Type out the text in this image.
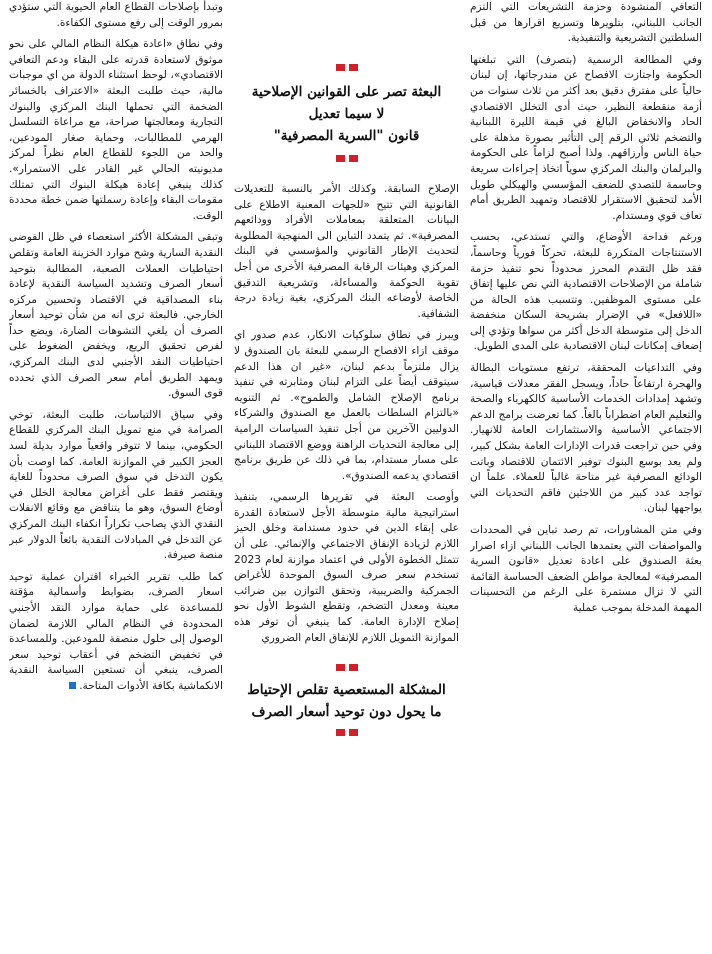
التعافي المنشودة وحزمة التشريعات التي التزم الجانب اللبناني، بتلويرها وتسريع اقرارها من قبل السلطتين التشريعية والتنفيذية.

وفي المطالعة الرسمية (بتصرف) التي تبلغتها الحكومة واجتازت الافصاح عن مندرجاتها، إن لبنان حالياً على مفترق دقيق بعد أكثر من ثلاث سنوات من أزمة منقطعة النظير، حيث أدى التخلل الاقتصادي الحاد والانخفاض البالغ في قيمة الليرة اللبنانية والتضخم ثلاثي الرقم إلى التأثير بصورة مذهلة على حياة الناس وأرزاقهم. ولذا أصبح لزاماً على الحكومة والبرلمان والبنك المركزي سوياً اتخاذ إجراءات سريعة وحاسمة للتصدي للضعف المؤسسي والهيكلي طويل الأمد لتحقيق الاستقرار للاقتصاد وتمهيد الطريق أمام تعاف قوي ومستدام.

ورغم فداحة الأوضاع، والتي تستدعي، بحسب الاستنتاجات المتكررة للبعثة، تحركاً فورياً وحاسماً، فقد ظل التقدم المحرز محدوداً نحو تنفيذ حزمة شاملة من الإصلاحات الاقتصادية التي نص عليها إتفاق على مستوى الموظفين. وتتسبب هذه الحالة من «اللافعل» في الإضرار بشريحة السكان منخفضة الدخل إلى متوسطة الدخل أكثر من سواها وتؤدي إلى إضعاف إمكانات لبنان الاقتصادية على المدى الطويل.

وفي التداعيات المحققة، ترتفع مستويات البطالة والهجرة ارتفاعاً حاداً، ويسجل الفقر معدلات قياسية، وتشهد إمدادات الخدمات الأساسية كالكهرباء والصحة والتعليم العام اضطراباً بالغاً. كما تعرضت برامج الدعم الاجتماعي الأساسية والاستثمارات العامة للانهيار. وفي حين تراجعت قدرات الإدارات العامة بشكل كبير، ولم يعد بوسع البنوك توفير الائتمان للاقتصاد وباتت الودائع المصرفية غير متاحة غالباً للعملاء. علماً ان تواجد عدد كبير من اللاجئين فاقم التحديات التي يواجهها لبنان.

وفي متن المشاورات، تم رصد تباين في المحددات والمواصفات التي يعتمدها الجانب اللبناني ازاء اصرار بعثة الصندوق على اعادة تعديل «قانون السرية المصرفية» لمعالجة مواطن الضعف الحساسة القائمة التي لا تزال مستمرة على الرغم من التحسينات المهمة المدخلة بموجب عملية

البعثة تصر على القوانين الإصلاحية
لا سيما تعديل
قانون "السرية المصرفية"

الإصلاح السابقة. وكذلك الأمر بالنسبة للتعديلات القانونية التي تتيح «للجهات المعنية الاطلاع على البيانات المتعلقة بمعاملات الأفراد وودائعهم المصرفية». ثم يتمدد التباين الى المنهجية المطلوبة لتحديث الإطار القانوني والمؤسسي في البنك المركزي وهيئات الرقابة المصرفية الأخرى من أجل تقوية الحوكمة والمساءلة، وتشريعية التدقيق الخاصة لأوضاعه البنك المركزي، بغية زيادة درجة الشفافية.

ويبرز في نطاق سلوكيات الانكار، عدم صدور اي موقف ازاء الافصاح الرسمي للبعثة بان الصندوق لا يزال ملتزماً بدعم لبنان، «غير ان هذا الدعم سيتوقف أيضاً على التزام لبنان ومثابرته في تنفيذ برنامج الإصلاح الشامل والطموح». ثم التنويه «بالتزام السلطات بالعمل مع الصندوق والشركاء الدوليين الآخرين من أجل تنفيذ السياسات الرامية إلى معالجة التحديات الراهنة ووضع الاقتصاد اللبناني على مسار مستدام، بما في ذلك عن طريق برنامج اقتصادي يدعمه الصندوق».

وأوصت البعثة في تقريرها الرسمي، بتنفيذ استراتيجية مالية متوسطة الأجل لاستعادة القدرة على إبقاء الدين في حدود مستدامة وخلق الحيز اللازم لزيادة الإنفاق الاجتماعي والإنمائي. على أن تتمثل الخطوة الأولى في اعتماد موازنة لعام 2023 تستخدم سعر صرف السوق الموحدة للأغراض الجمركية والضريبية، وتحقق التوازن بين ضرائب معينة ومعدل التضخم، وتقطع الشوط الأول نحو إصلاح الإدارة العامة. كما ينبغي أن توفر هذه الموازنة التمويل اللازم للإنفاق العام الضروري

المشكلة المستعصية تقلص الإحتياط
ما يحول دون توحيد أسعار الصرف

وتبدأ بإصلاحات القطاع العام الحيوية التي ستؤدي بمرور الوقت إلى رفع مستوى الكفاءة.

وفي نطاق «اعادة هيكلة النظام المالي على نحو موثوق لاستعادة قدرته على البقاء ودعم التعافي الاقتصادي»، لوحظ استثناء الدولة من اي موجبات مالية، حيث طلبت البعثة «الاعتراف بالخسائر الضخمة التي تحملها البنك المركزي والبنوك التجارية ومعالجتها صراحة، مع مراعاة التسلسل الهرمي للمطالبات، وحماية صغار المودعين، والحد من اللجوء للقطاع العام نظراً لمركز مديونيته الحالي غير القادر على الاستمرار». كذلك ينبغي إعادة هيكلة البنوك التي تمتلك مقومات البقاء وإعادة رسملتها ضمن خطة محددة الوقت.

وتبقى المشكلة الأكثر استعصاء في ظل الفوضى النقدية السارية وشح موارد الخزينة العامة وتقلص احتياطيات العملات الصعبة، المطالبة بتوحيد أسعار الصرف وتشديد السياسة النقدية لإعادة بناء المصداقية في الاقتصاد وتحسين مركزه الخارجي. فالبعثة ترى انه من شأن توحيد أسعار الصرف أن يلغي التشوهات الضارة، ويضع حداً لفرص تحقيق الريع، ويخفض الضغوط على احتياطيات النقد الأجنبي لدى البنك المركزي، ويمهد الطريق أمام سعر الصرف الذي تحدده قوى السوق.

وفي سياق الالتباسات، طلبت البعثة، توخي الصرامة في منع تمويل البنك المركزي للقطاع الحكومي، بينما لا تتوفر واقعياً موارد بديلة لسد العجز الكبير في الموازنة العامة. كما اوصت بأن يكون التدخل في سوق الصرف محدوداً للغاية ويقتصر فقط على أغراض معالجة الخلل في أوضاع السوق، وهو ما يتناقض مع وقائع الانفلات النقدي الذي يصاحب تكراراً انكفاء البنك المركزي عن التدخل في المبادلات النقدية بائعاً الدولار عبر منصة صيرفة.

كما طلب تقرير الخبراء اقتران عملية توحيد اسعار الصرف، بضوابط وأسمالية مؤقتة للمساعدة على حماية موارد النقد الأجنبي المحدودة في النظام المالي اللازمة لضمان الوصول إلى حلول منصفة للمودعين. وللمساعدة في تخفيض التضخم في أعقاب توحيد سعر الصرف، ينبغي أن تستعين السياسة النقدية الانكماشية بكافة الأدوات المتاحة.
